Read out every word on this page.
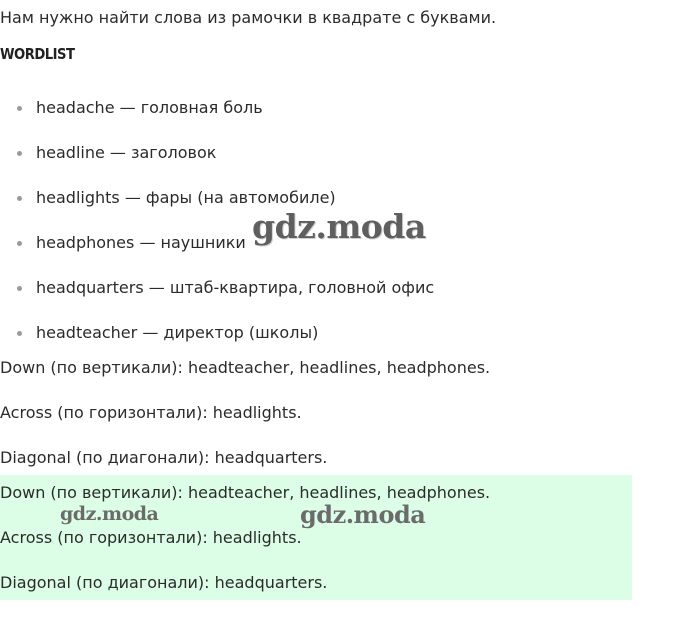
Нам нужно найти слова из рамочки в квадрате с буквами.
WORDLIST
headache — головная боль
headline — заголовок
headlights — фары (на автомобиле)
headphones — наушники
headquarters — штаб-квартира, головной офис
headteacher — директор (школы)
Down (по вертикали): headteacher, headlines, headphones.
Across (по горизонтали): headlights.
Diagonal (по диагонали): headquarters.
Down (по вертикали): headteacher, headlines, headphones.
Across (по горизонтали): headlights.
Diagonal (по диагонали): headquarters.
gdz.moda
gdz.moda	gdz.moda
